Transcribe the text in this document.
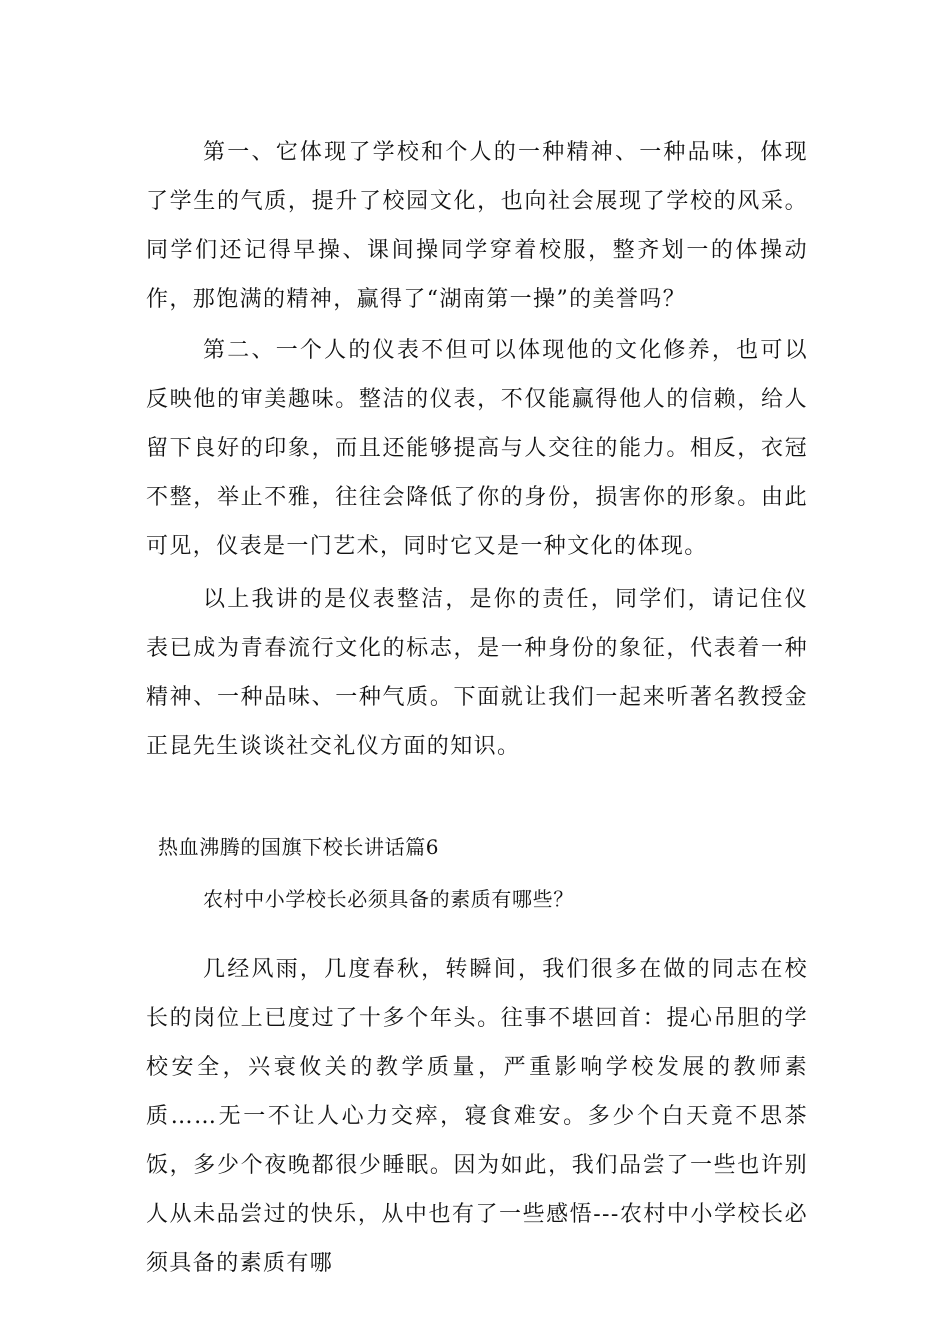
第一、它体现了学校和个人的一种精神、一种品味，体现了学生的气质，提升了校园文化，也向社会展现了学校的风采。同学们还记得早操、课间操同学穿着校服，整齐划一的体操动作，那饱满的精神，赢得了“湖南第一操”的美誉吗？

第二、一个人的仪表不但可以体现他的文化修养，也可以反映他的审美趣味。整洁的仪表，不仅能赢得他人的信赖，给人留下良好的印象，而且还能够提高与人交往的能力。相反，衣冠不整，举止不雅，往往会降低了你的身份，损害你的形象。由此可见，仪表是一门艺术，同时它又是一种文化的体现。

以上我讲的是仪表整洁，是你的责任，同学们，请记住仪表已成为青春流行文化的标志，是一种身份的象征，代表着一种精神、一种品味、一种气质。下面就让我们一起来听著名教授金正昆先生谈谈社交礼仪方面的知识。

热血沸腾的国旗下校长讲话篇6

农村中小学校长必须具备的素质有哪些？

几经风雨，几度春秋，转瞬间，我们很多在做的同志在校长的岗位上已度过了十多个年头。往事不堪回首：提心吊胆的学校安全，兴衰攸关的教学质量，严重影响学校发展的教师素质……无一不让人心力交瘁，寝食难安。多少个白天竟不思茶饭，多少个夜晚都很少睡眠。因为如此，我们品尝了一些也许别人从未品尝过的快乐，从中也有了一些感悟---农村中小学校长必须具备的素质有哪
